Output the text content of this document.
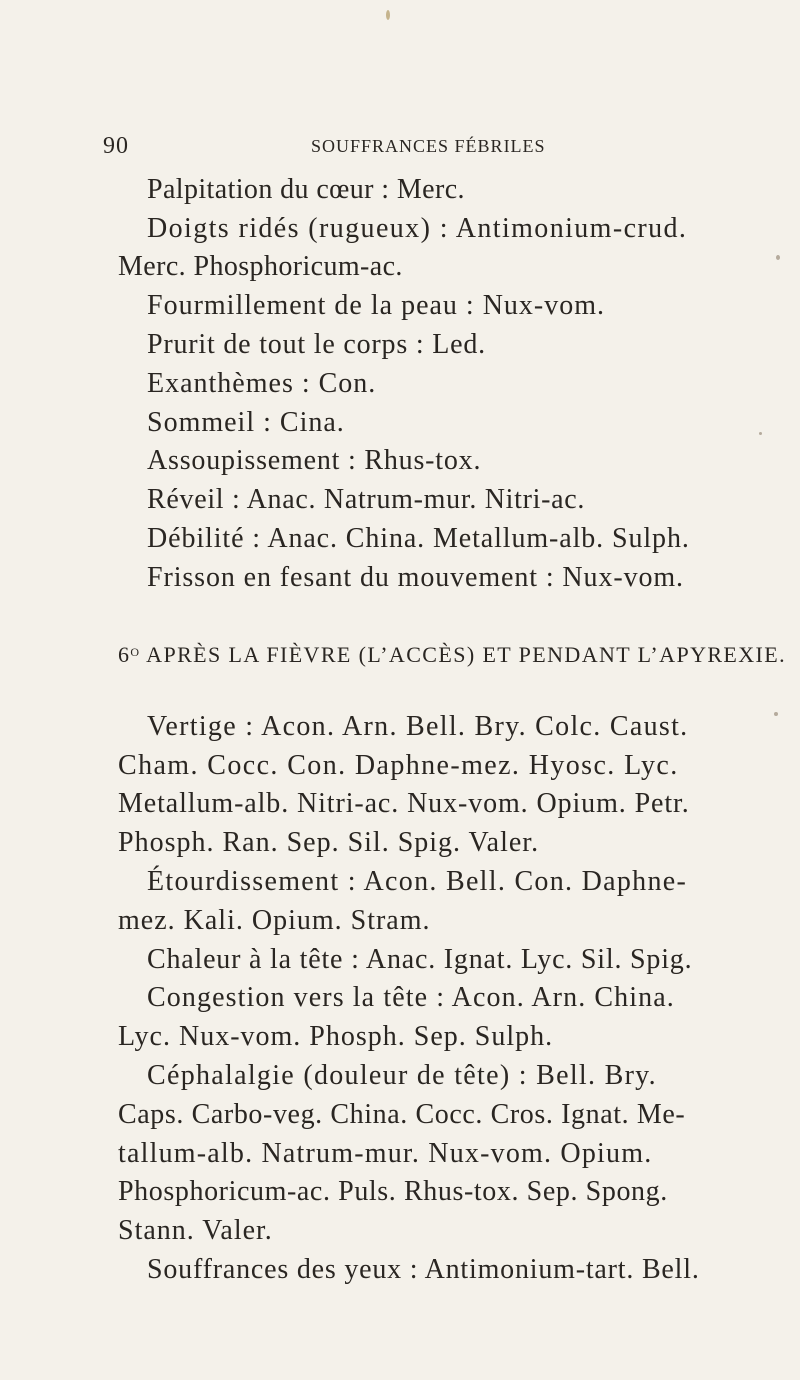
90	SOUFFRANCES FÉBRILES
Palpitation du cœur : Merc.
Doigts ridés (rugueux) : Antimonium-crud.
Merc. Phosphoricum-ac.
Fourmillement de la peau : Nux-vom.
Prurit de tout le corps : Led.
Exanthèmes : Con.
Sommeil : Cina.
Assoupissement : Rhus-tox.
Réveil : Anac. Natrum-mur. Nitri-ac.
Débilité : Anac. China. Metallum-alb. Sulph.
Frisson en fesant du mouvement : Nux-vom.
$6^O$ APRÈS LA FIÈVRE (L’ACCÈS) ET PENDANT L’APYREXIE.
Vertige : Acon. Arn. Bell. Bry. Colc. Caust.
Cham. Cocc. Con. Daphne-mez. Hyosc. Lyc.
Metallum-alb. Nitri-ac. Nux-vom. Opium. Petr.
Phosph. Ran. Sep. Sil. Spig. Valer.
Étourdissement : Acon. Bell. Con. Daphne-
mez. Kali. Opium. Stram.
Chaleur à la tête : Anac. Ignat. Lyc. Sil. Spig.
Congestion vers la tête : Acon. Arn. China.
Lyc. Nux-vom. Phosph. Sep. Sulph.
Céphalalgie (douleur de tête) : Bell. Bry.
Caps. Carbo-veg. China. Cocc. Cros. Ignat. Me-
tallum-alb. Natrum-mur. Nux-vom. Opium.
Phosphoricum-ac. Puls. Rhus-tox. Sep. Spong.
Stann. Valer.
Souffrances des yeux : Antimonium-tart. Bell.
